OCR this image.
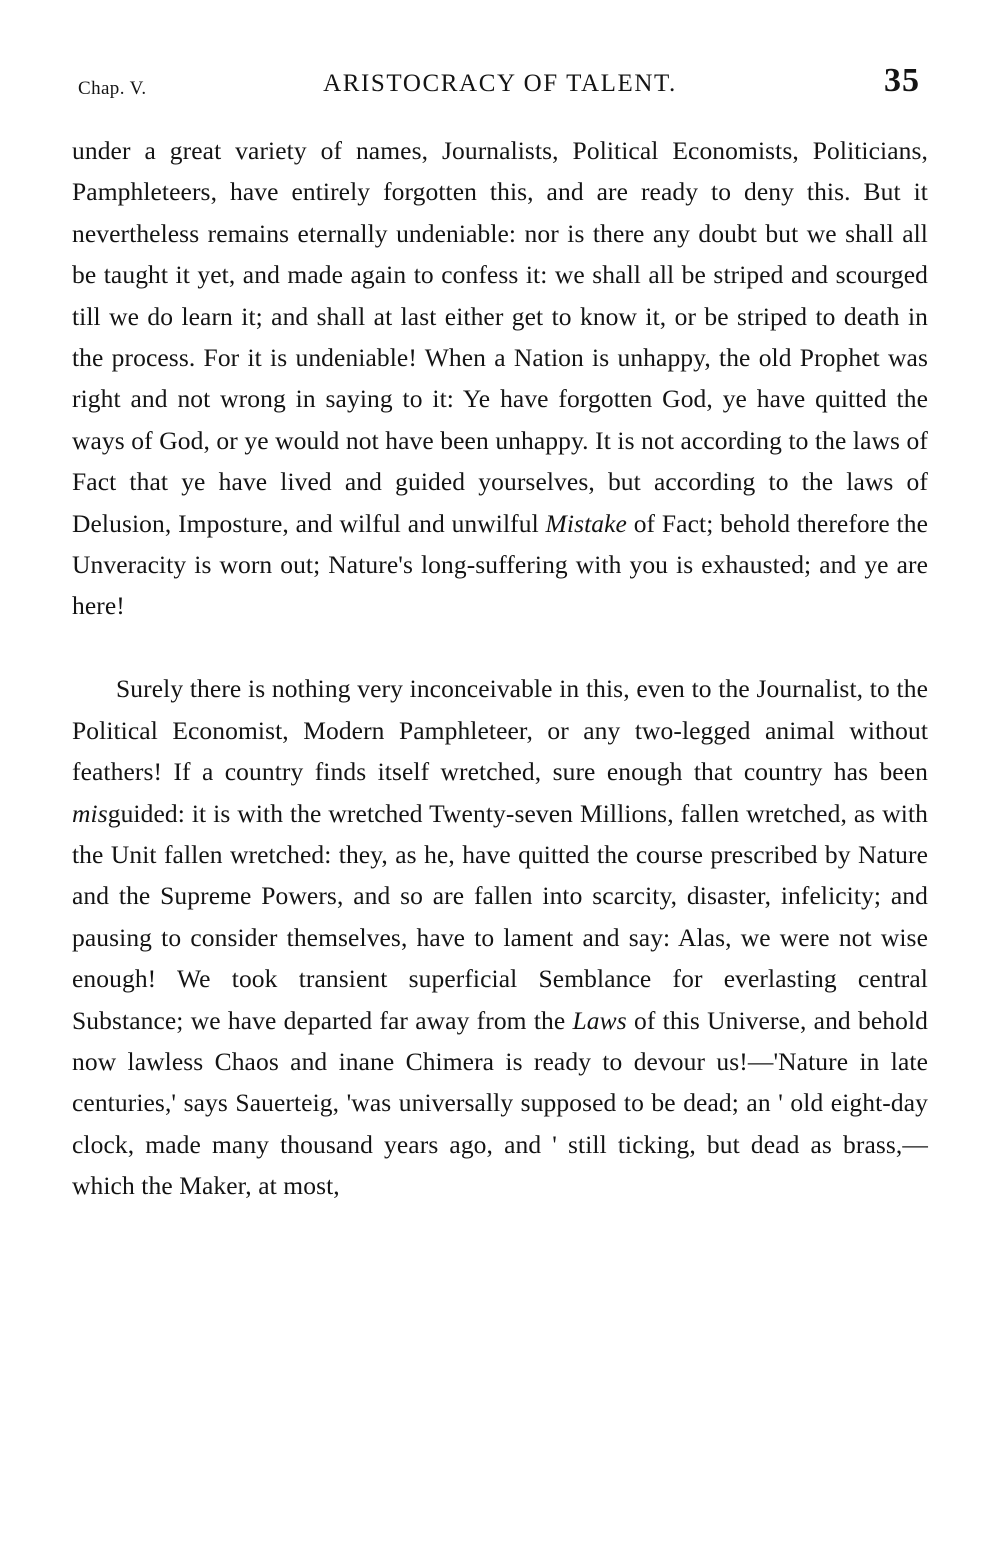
Chap. V.	ARISTOCRACY OF TALENT.	35

under a great variety of names, Journalists, Political Economists, Politicians, Pamphleteers, have entirely forgotten this, and are ready to deny this. But it nevertheless remains eternally undeniable: nor is there any doubt but we shall all be taught it yet, and made again to confess it: we shall all be striped and scourged till we do learn it; and shall at last either get to know it, or be striped to death in the process. For it is undeniable! When a Nation is unhappy, the old Prophet was right and not wrong in saying to it: Ye have forgotten God, ye have quitted the ways of God, or ye would not have been unhappy. It is not according to the laws of Fact that ye have lived and guided yourselves, but according to the laws of Delusion, Imposture, and wilful and unwilful Mistake of Fact; behold therefore the Unveracity is worn out; Nature's long-suffering with you is exhausted; and ye are here!

Surely there is nothing very inconceivable in this, even to the Journalist, to the Political Economist, Modern Pamphleteer, or any two-legged animal without feathers! If a country finds itself wretched, sure enough that country has been misguided: it is with the wretched Twenty-seven Millions, fallen wretched, as with the Unit fallen wretched: they, as he, have quitted the course prescribed by Nature and the Supreme Powers, and so are fallen into scarcity, disaster, infelicity; and pausing to consider themselves, have to lament and say: Alas, we were not wise enough! We took transient superficial Semblance for everlasting central Substance; we have departed far away from the Laws of this Universe, and behold now lawless Chaos and inane Chimera is ready to devour us!—'Nature in late centuries,' says Sauerteig, 'was universally supposed to be dead; an ' old eight-day clock, made many thousand years ago, and ' still ticking, but dead as brass,—which the Maker, at most,
